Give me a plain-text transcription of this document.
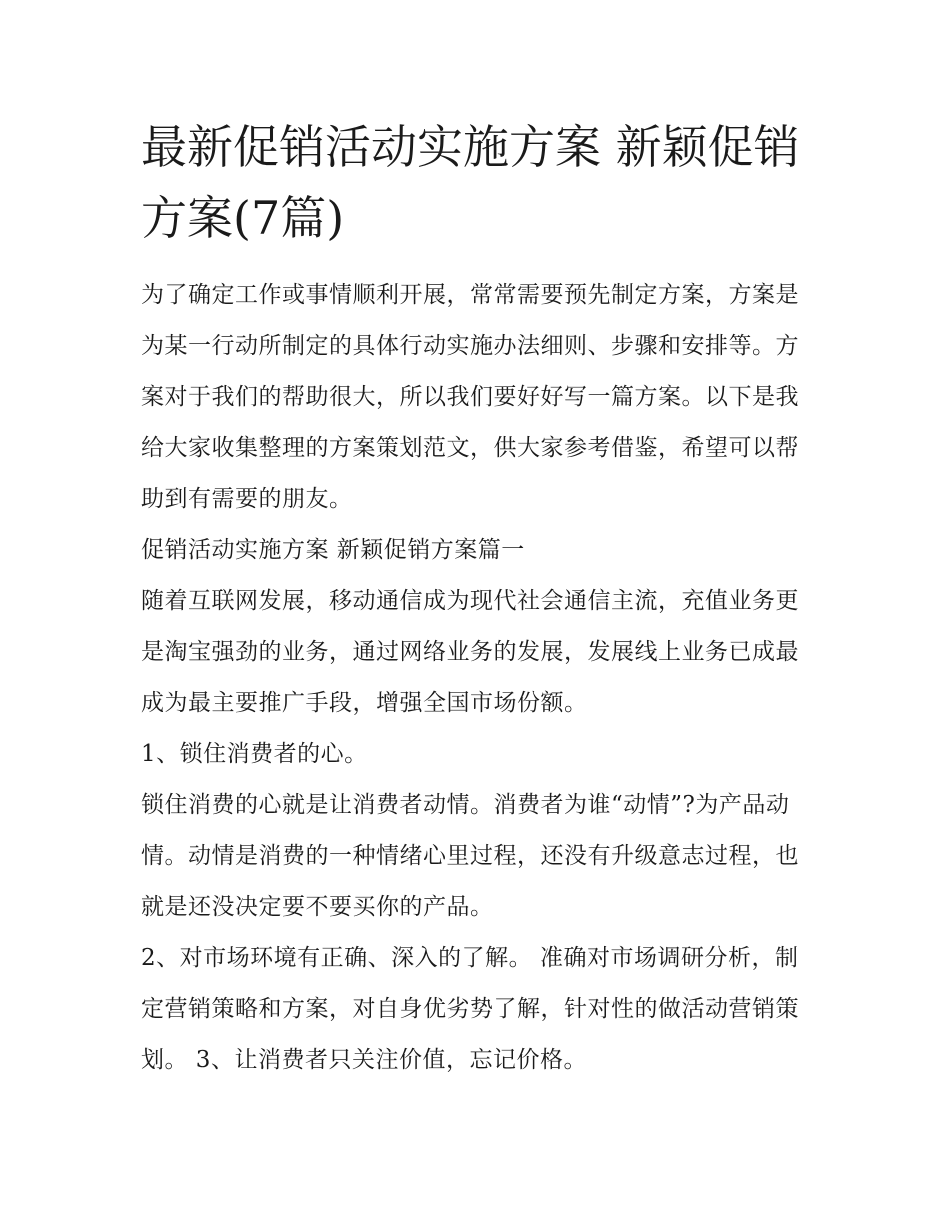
最新促销活动实施方案 新颖促销方案(7篇)

为了确定工作或事情顺利开展，常常需要预先制定方案，方案是为某一行动所制定的具体行动实施办法细则、步骤和安排等。方案对于我们的帮助很大，所以我们要好好写一篇方案。以下是我给大家收集整理的方案策划范文，供大家参考借鉴，希望可以帮助到有需要的朋友。

促销活动实施方案 新颖促销方案篇一

随着互联网发展，移动通信成为现代社会通信主流，充值业务更是淘宝强劲的业务，通过网络业务的发展，发展线上业务已成最成为最主要推广手段，增强全国市场份额。

1、锁住消费者的心。

锁住消费的心就是让消费者动情。消费者为谁“动情”?为产品动情。动情是消费的一种情绪心里过程，还没有升级意志过程，也就是还没决定要不要买你的产品。

2、对市场环境有正确、深入的了解。 准确对市场调研分析，制定营销策略和方案，对自身优劣势了解，针对性的做活动营销策划。 3、让消费者只关注价值，忘记价格。
